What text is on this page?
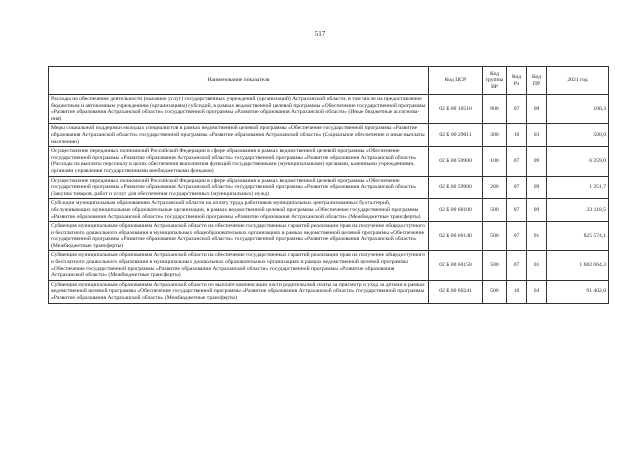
517
Наименование показателя	Код ЦСР	Код группы ВР	Код Рз	Код ПР	2021 год
Расходы на обеспечение деятельности (оказание услуг) государственных учреждений (организаций) Астраханской области, в том числе на предоставление бюджетным и автономным учреждениям (организациям) субсидий, в рамках ведомственной целевой программы «Обеспечение государственной программы «Развитие образования Астраханской области» государственной программы «Развитие образования Астраханской области» (Иные бюджетные ассигнова-ния)	02 Б 00 10510	800	07	09	106,3
Меры социальной поддержки молодых специалистов в рамках ведомственной целевой программы «Обеспечение государственной программы «Развитие образования Астраханской области» государственной программы «Развитие образования Астраханской области» (Социальное обеспечение и иные выплаты населению)	02 Б 00 29011	300	10	03	500,0
Осуществление переданных полномочий Российской Федерации в сфере образования в рамках ведомственной целевой программы «Обеспечение государственной программы «Развитие образования Астраханской области» государственной программы «Развитие образования Астраханской области» (Расходы на выплаты персоналу в целях обеспечения выполнения функций государственными (муниципальными) органами, казенными учреждениями, органами управления государственными внебюджетными фондами)	02 Б 00 59900	100	07	09	6 259,0
Осуществление переданных полномочий Российской Федерации в сфере образования в рамках ведомственной целевой программы «Обеспечение государственной программы «Развитие образования Астраханской области» государственной программы «Развитие образования Астраханской области» (Закупка товаров, работ и услуг для обеспечения государственных (муниципальных) нужд)	02 Б 00 59900	200	07	09	1 351,7
Субсидии муниципальным образованиям Астраханской области на оплату труда работников муниципальных централизованных бухгалтерий, обслуживающих муниципальные образовательные организации, в рамках ведомственной целевой программы «Обеспечение государственной программы «Развитие образования Астраханской области» государственной программы «Развитие образования Астраханской области» (Межбюджетные трансферты)	02 Б 00 60100	500	07	09	33 118,5
Субвенция муниципальным образованиям Астраханской области на обеспечение государственных гарантий реализации прав на получение общедоступного и бесплатного дошкольного образования в муниципальных общеобразовательных организациях в рамках ведомственной целевой программы «Обеспечение государственной программы «Развитие образования Астраханской области» государственной программы «Развитие образования Астраханской области» (Межбюджетные трансферты)	02 Б 00 60140	500	07	01	825 574,1
Субвенция муниципальным образованиям Астраханской области на обеспечение государственных гарантий реализации прав на получение общедоступного и бесплатного дошкольного образования в муниципальных дошкольных образовательных организациях в рамках ведомственной целевой программы «Обеспечение государственной программы «Развитие образования Астраханской области» государственной программы «Развитие образования Астраханской области» (Межбюджетные трансферты)	02 Б 00 60150	500	07	01	1 682 064,3
Субвенция муниципальным образованиям Астраханской области по выплате компенсации части родительской платы за присмотр и уход за детьми в рамках ведомственной целевой программы «Обеспечение государственной программы «Развитие образования Астраханской области» государственной программы «Развитие образования Астраханской области» (Межбюджетные трансферты)	02 Б 00 60241	500	10	04	91 402,0
